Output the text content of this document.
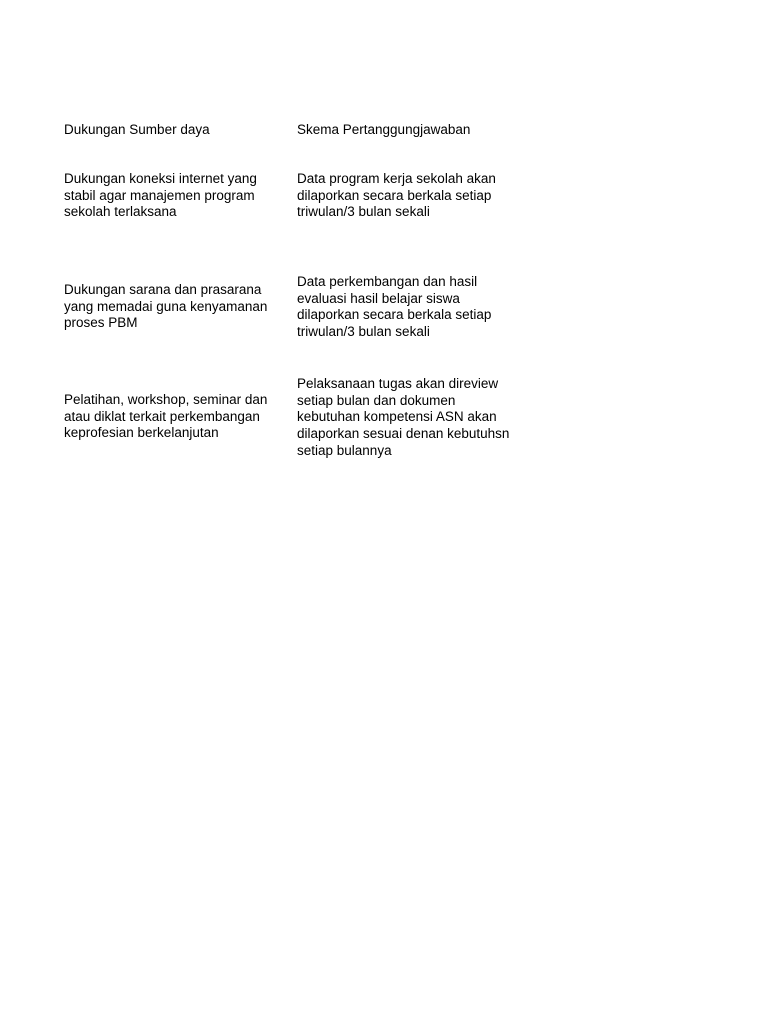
Dukungan Sumber daya	Skema Pertanggungjawaban
Dukungan koneksi internet yang
stabil agar manajemen program
sekolah terlaksana
Data program kerja sekolah akan
dilaporkan secara berkala setiap
triwulan/3 bulan sekali
Dukungan sarana dan prasarana
yang memadai guna kenyamanan
proses PBM
Data perkembangan dan hasil
evaluasi hasil belajar siswa
dilaporkan secara berkala setiap
triwulan/3 bulan sekali
Pelatihan, workshop, seminar dan
atau diklat terkait perkembangan
keprofesian berkelanjutan
Pelaksanaan tugas akan direview
setiap bulan dan dokumen
kebutuhan kompetensi ASN akan
dilaporkan sesuai denan kebutuhsn
setiap bulannya
